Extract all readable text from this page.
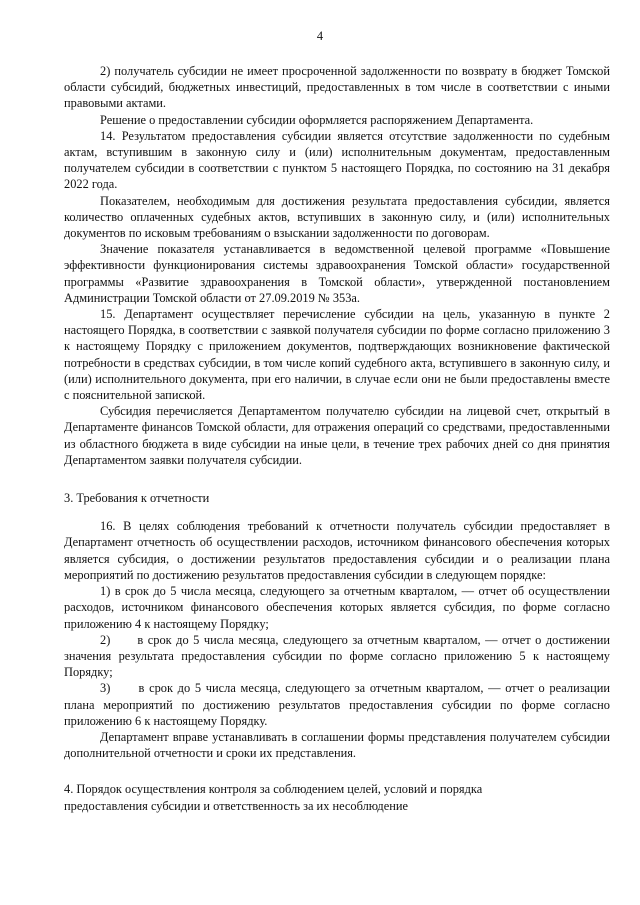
4

2) получатель субсидии не имеет просроченной задолженности по возврату в бюджет Томской области субсидий, бюджетных инвестиций, предоставленных в том числе в соответствии с иными правовыми актами.

Решение о предоставлении субсидии оформляется распоряжением Департамента.

14. Результатом предоставления субсидии является отсутствие задолженности по судебным актам, вступившим в законную силу и (или) исполнительным документам, предоставленным получателем субсидии в соответствии с пунктом 5 настоящего Порядка, по состоянию на 31 декабря 2022 года.

Показателем, необходимым для достижения результата предоставления субсидии, является количество оплаченных судебных актов, вступивших в законную силу, и (или) исполнительных документов по исковым требованиям о взыскании задолженности по договорам.

Значение показателя устанавливается в ведомственной целевой программе «Повышение эффективности функционирования системы здравоохранения Томской области» государственной программы «Развитие здравоохранения в Томской области», утвержденной постановлением Администрации Томской области от 27.09.2019 № 353а.

15. Департамент осуществляет перечисление субсидии на цель, указанную в пункте 2 настоящего Порядка, в соответствии с заявкой получателя субсидии по форме согласно приложению 3 к настоящему Порядку с приложением документов, подтверждающих возникновение фактической потребности в средствах субсидии, в том числе копий судебного акта, вступившего в законную силу, и (или) исполнительного документа, при его наличии, в случае если они не были предоставлены вместе с пояснительной запиской.

Субсидия перечисляется Департаментом получателю субсидии на лицевой счет, открытый в Департаменте финансов Томской области, для отражения операций со средствами, предоставленными из областного бюджета в виде субсидии на иные цели, в течение трех рабочих дней со дня принятия Департаментом заявки получателя субсидии.

3. Требования к отчетности

16. В целях соблюдения требований к отчетности получатель субсидии предоставляет в Департамент отчетность об осуществлении расходов, источником финансового обеспечения которых является субсидия, о достижении результатов предоставления субсидии и о реализации плана мероприятий по достижению результатов предоставления субсидии в следующем порядке:

1) в срок до 5 числа месяца, следующего за отчетным кварталом, — отчет об осуществлении расходов, источником финансового обеспечения которых является субсидия, по форме согласно приложению 4 к настоящему Порядку;

2)      в срок до 5 числа месяца, следующего за отчетным кварталом, — отчет о достижении значения результата предоставления субсидии по форме согласно приложению 5 к настоящему Порядку;

3)      в срок до 5 числа месяца, следующего за отчетным кварталом, — отчет о реализации плана мероприятий по достижению результатов предоставления субсидии по форме согласно приложению 6 к настоящему Порядку.

Департамент вправе устанавливать в соглашении формы представления получателем субсидии дополнительной отчетности и сроки их представления.

4. Порядок осуществления контроля за соблюдением целей, условий и порядка
предоставления субсидии и ответственность за их несоблюдение
